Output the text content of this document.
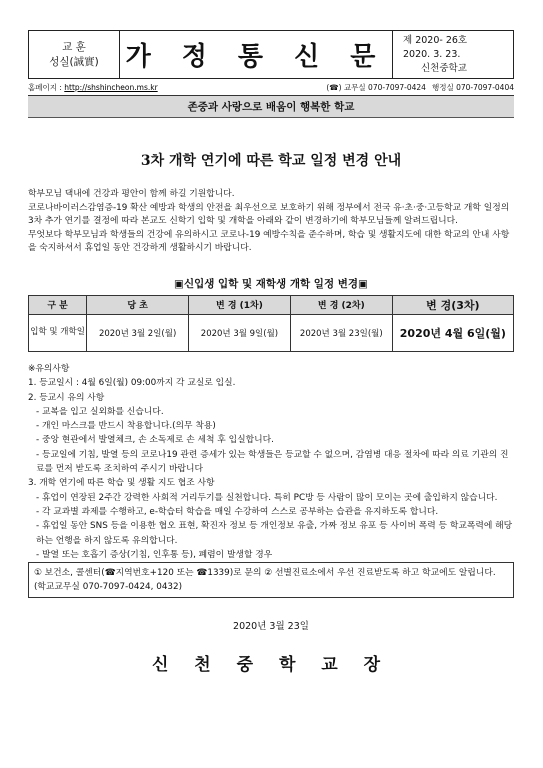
교 훈
성실(誠實) 가 정 통 신 문
제 2020- 26호
2020. 3. 23.
신천중학교
홈페이지 : http://shshincheon.ms.kr	(☎) 교무실 070-7097-0424 행정실 070-7097-0404
존중과 사랑으로 배움이 행복한 학교
3차 개학 연기에 따른 학교 일정 변경 안내

학부모님 댁내에 건강과 평안이 함께 하길 기원합니다.

코로나바이러스감염증-19 확산 예방과 학생의 안전을 최우선으로 보호하기 위해 정부에서 전국 유·초·중·고등학교 개학 일정의 3차 추가 연기를 결정에 따라 본교도 신학기 입학 및 개학을 아래와 같이 변경하기에 학부모님들께 알려드립니다.

무엇보다 학부모님과 학생들의 건강에 유의하시고 코로나-19 예방수칙을 준수하며, 학습 및 생활지도에 대한 학교의 안내 사항을 숙지하셔서 휴업일 동안 건강하게 생활하시기 바랍니다.

▣신입생 입학 및 재학생 개학 일정 변경▣
구 분	당 초	변 경 (1차)	변 경 (2차)	변 경(3차)
입학 및 개학일	2020년 3월 2일(월)	2020년 3월 9일(월)	2020년 3월 23일(월)	2020년 4월 6일(월)
※유의사항
1. 등교일시 : 4월 6일(월) 09:00까지 각 교실로 입실.
2. 등교시 유의 사항
- 교복을 입고 실외화를 신습니다.
- 개인 마스크를 반드시 착용합니다.(의무 착용)
- 중앙 현관에서 발열체크, 손 소독제로 손 세척 후 입실합니다.
- 등교일에 기침, 발열 등의 코로나19 관련 증세가 있는 학생들은 등교할 수 없으며, 감염병 대응 절차에 따라 의료 기관의 진료를 먼저 받도록 조치하여 주시기 바랍니다
3. 개학 연기에 따른 학습 및 생활 지도 협조 사항
- 휴업이 연장된 2주간 강력한 사회적 거리두기를 실천합니다. 특히 PC방 등 사람이 많이 모이는 곳에 출입하지 않습니다.
- 각 교과별 과제를 수행하고, e-학습터 학습을 매일 수강하여 스스로 공부하는 습관을 유지하도록 합니다.
- 휴업일 동안 SNS 등을 이용한 협오 표현, 확진자 정보 등 개인정보 유출, 가짜 정보 유포 등 사이버 폭력 등 학교폭력에 해당하는 언행을 하지 않도록 유의합니다.
- 발열 또는 호흡기 증상(기침, 인후통 등), 폐렴이 발생할 경우
① 보건소, 콜센터(☎지역번호+120 또는 ☎1339)로 문의 ② 선별진료소에서 우선 진료받도록 하고 학교에도 알립니다.
(학교교무실 070-7097-0424, 0432)
2020년 3월 23일
신 천 중 학 교 장
